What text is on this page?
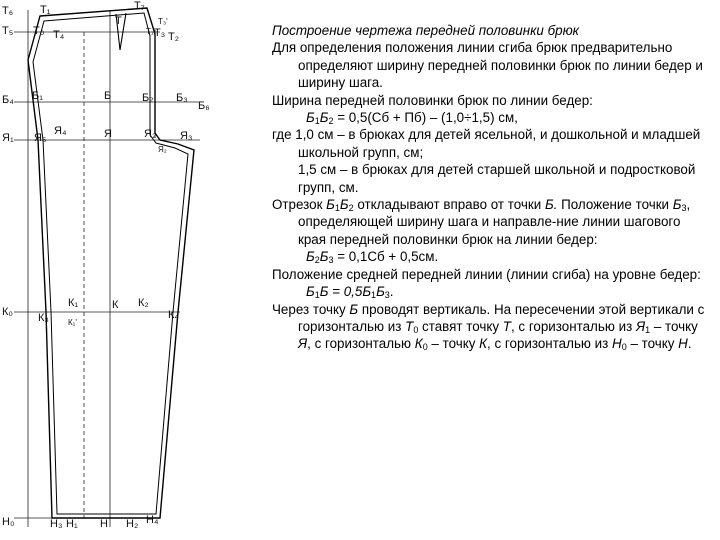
Т₆ Т₁	Т₇
Т₅ Т₀ Т₄
Т	Т₃'
Т₁ Т₃ Т₂
Б₄ Б₁	Б	Б₂ Б₃
Б₆
Я₁ Я₅
Я₄	Я	Я₂ Я₃
Я₂
К₁	К К₂
К₀ К₃ К₁'
К₄
Н₀	Н₃ Н₁ Н Н₂ Н₄

Построение чертежа передней половинки брюк

Для определения положения линии сгиба брюк предварительно определяют ширину передней половинки брюк по линии бедер и ширину шага.

Ширина передней половинки брюк по линии бедер:

$Б_1Б_2 = 0,5(Сб + Пб) - (1,0\div 1,5)$ см,

где 1,0 см – в брюках для детей ясельной, и дошкольной и младшей школьной групп, см;

1,5 см – в брюках для детей старшей школьной и подростковой групп, см.

Отрезок $Б_1Б_2$ откладывают вправо от точки Б. Положение точки $Б_3$, определяющей ширину шага и направле-ние линии шагового края передней половинки брюк на линии бедер:

$Б_2Б_3 = 0,1Сб + 0,5см$.

Положение средней передней линии (линии сгиба) на уровне бедер:

$Б_1Б = 0,5Б_1Б_3$.

Через точку Б проводят вертикаль. На пересечении этой вертикали с горизонталью из $Т_0$ ставят точку Т, с горизонталью из $Я_1$ – точку Я, с горизонталью $К_0$ – точку К, с горизонталью из $Н_0$ – точку Н.
